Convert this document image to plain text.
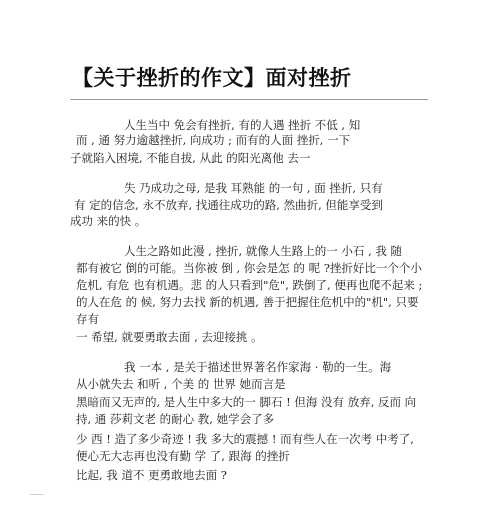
【关于挫折的作文】面对挫折
人生当中 免会有挫折, 有的人遇 挫折 不低 , 知
而 , 通 努力逾越挫折, 向成功 ; 而有的人面 挫折, 一下
子就陷入困境, 不能自拔, 从此 的阳光离他 去一
失 乃成功之母, 是我 耳熟能 的一句 , 面 挫折, 只有
有 定的信念, 永不放弃, 找通往成功的路, 然曲折, 但能享受到
成功 来的快 。
人生之路如此漫 , 挫折, 就像人生路上的一 小石 , 我 随
都有被它 倒的可能。当你被 倒 , 你会是怎 的 呢 ?挫折好比一个个小
危机, 有危 也有机遇。悲 的人只看到"危", 跌倒了, 便再也爬不起来 ;
的人在危 的 候, 努力去找 新的机遇, 善于把握住危机中的"机", 只要
存有
一 希望, 就要勇敢去面 , 去迎接挑 。
我 一本 , 是关于描述世界著名作家海 · 勒的一生。海
从小就失去 和听 , 个美 的 世界 她而言是
黑暗而又无声的, 是人生中多大的一 脚石 ! 但海 没有 放弃, 反而 向
持, 通 莎莉文老 的耐心 教, 她学会了多
少 西 ! 造了多少奇迹 ! 我 多大的震撼 ! 而有些人在一次考 中考了,
便心无大志再也没有勤 学 了, 跟海 的挫折
比起, 我 道不 更勇敢地去面 ?
